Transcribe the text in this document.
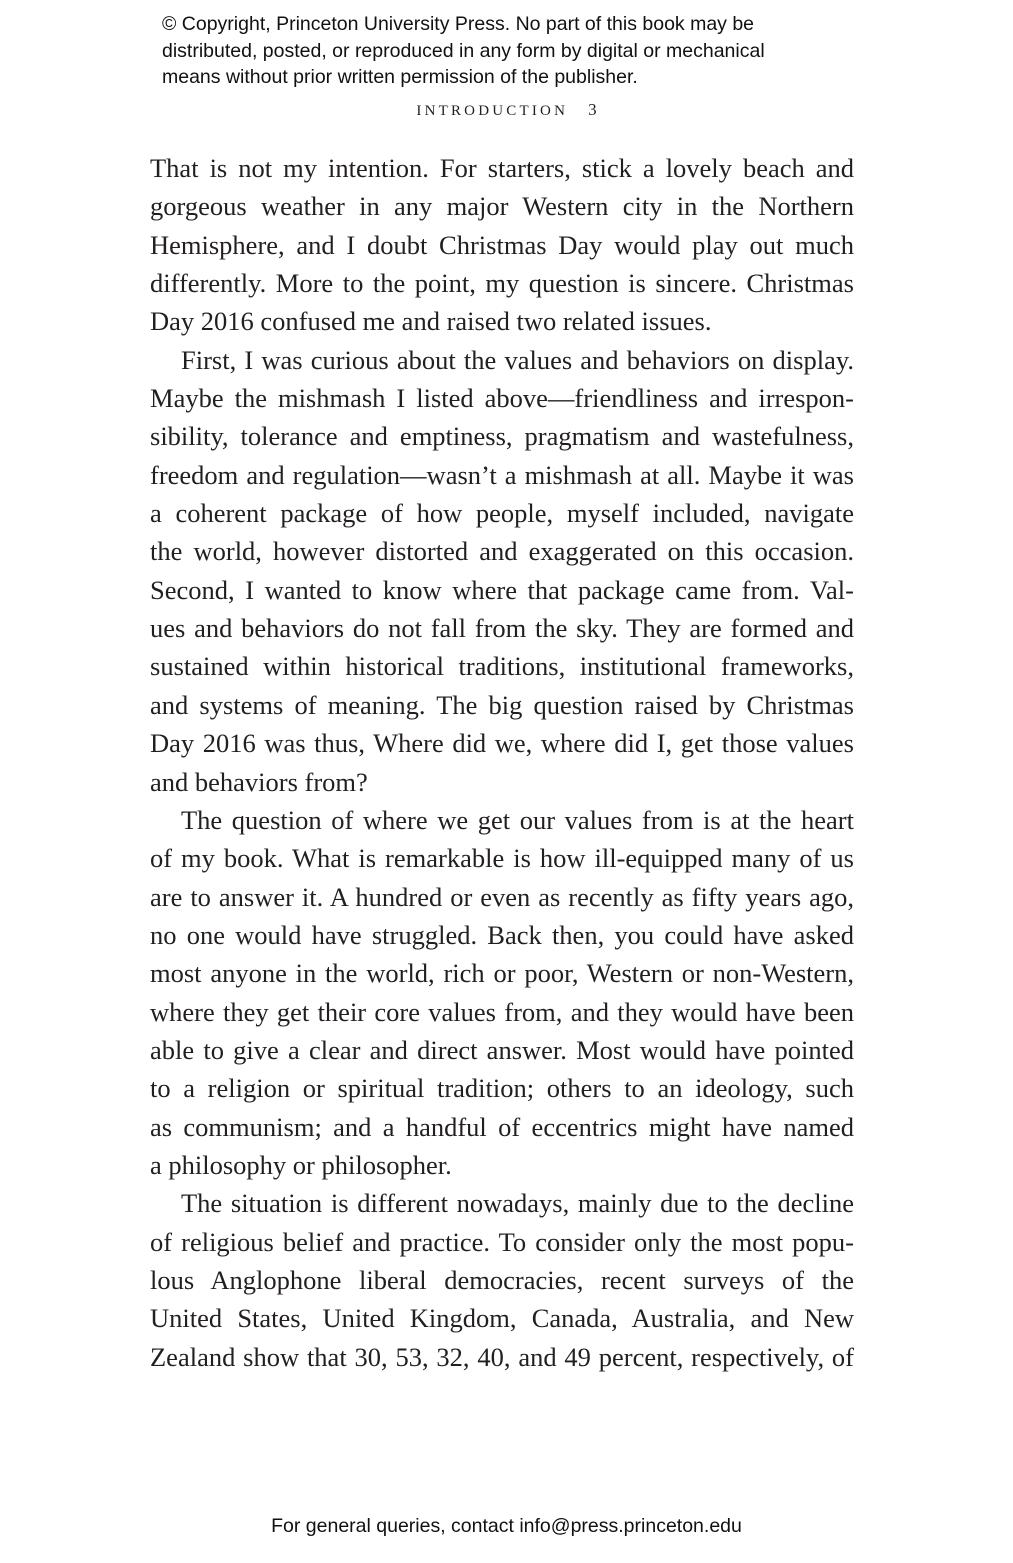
© Copyright, Princeton University Press. No part of this book may be
distributed, posted, or reproduced in any form by digital or mechanical
means without prior written permission of the publisher.
INTRODUCTION 3
That is not my intention. For starters, stick a lovely beach and
gorgeous weather in any major Western city in the Northern
Hemisphere, and I doubt Christmas Day would play out much
differently. More to the point, my question is sincere. Christmas
Day 2016 confused me and raised two related issues.
First, I was curious about the values and behaviors on display.
Maybe the mishmash I listed above—friendliness and irrespon-
sibility, tolerance and emptiness, pragmatism and wastefulness,
freedom and regulation—wasn’t a mishmash at all. Maybe it was
a coherent package of how people, myself included, navigate
the world, however distorted and exaggerated on this occasion.
Second, I wanted to know where that package came from. Val-
ues and behaviors do not fall from the sky. They are formed and
sustained within historical traditions, institutional frameworks,
and systems of meaning. The big question raised by Christmas
Day 2016 was thus, Where did we, where did I, get those values
and behaviors from?
The question of where we get our values from is at the heart
of my book. What is remarkable is how ill-equipped many of us
are to answer it. A hundred or even as recently as fifty years ago,
no one would have struggled. Back then, you could have asked
most anyone in the world, rich or poor, Western or non-Western,
where they get their core values from, and they would have been
able to give a clear and direct answer. Most would have pointed
to a religion or spiritual tradition; others to an ideology, such
as communism; and a handful of eccentrics might have named
a philosophy or philosopher.
The situation is different nowadays, mainly due to the decline
of religious belief and practice. To consider only the most popu-
lous Anglophone liberal democracies, recent surveys of the
United States, United Kingdom, Canada, Australia, and New
Zealand show that 30, 53, 32, 40, and 49 percent, respectively, of
For general queries, contact info@press.princeton.edu
